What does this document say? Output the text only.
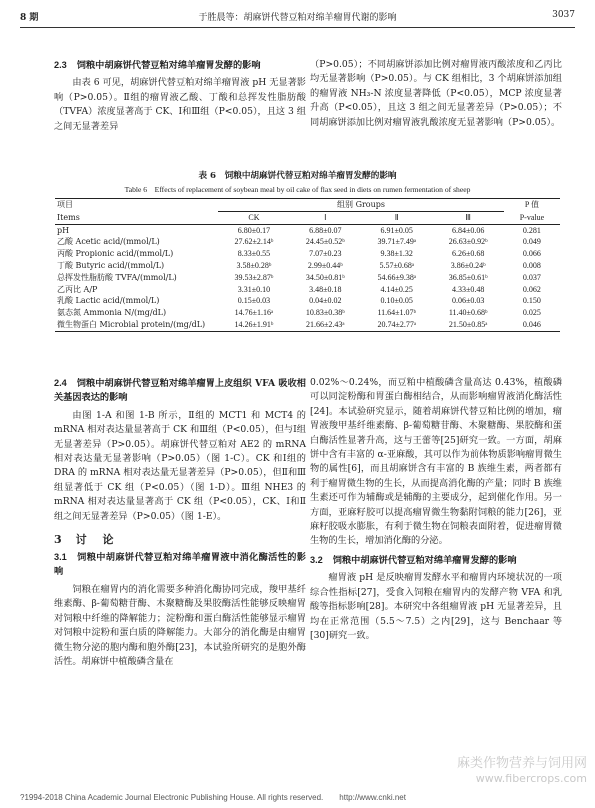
8 期	于胜晨等：胡麻饼代替豆粕对绵羊瘤胃代谢的影响	3037
2.3 饲粮中胡麻饼代替豆粕对绵羊瘤胃发酵的影响

由表 6 可见，胡麻饼代替豆粕对绵羊瘤胃液 pH 无显著影响（P>0.05）。Ⅱ组的瘤胃液乙酸、丁酸和总挥发性脂肪酸（TVFA）浓度显著高于 CK、Ⅰ和Ⅲ组（P<0.05），且这 3 组之间无显著差异

（P>0.05）；不同胡麻饼添加比例对瘤胃液丙酸浓度和乙丙比均无显著影响（P>0.05）。与 CK 组相比，3 个胡麻饼添加组的瘤胃液 NH₃-N 浓度显著降低（P<0.05），MCP 浓度显著升高（P<0.05），且这 3 组之间无显著差异（P>0.05）；不同胡麻饼添加比例对瘤胃液乳酸浓度无显著影响（P>0.05）。

表 6　饲粮中胡麻饼代替豆粕对绵羊瘤胃发酵的影响
Table 6　Effects of replacement of soybean meal by oil cake of flax seed in diets on rumen fermentation of sheep
项目	组别 Groups				P 值
Items	CK	Ⅰ	Ⅱ	Ⅲ	P-value
pH	6.80±0.17	6.88±0.07	6.91±0.05	6.84±0.06	0.281
乙酸 Acetic acid/(mmol/L)	27.62±2.14ᵇ	24.45±0.52ᵇ	39.71±7.49ᵃ	26.63±0.92ᵇ	0.049
丙酸 Propionic acid/(mmol/L)	8.33±0.55	7.07±0.23	9.38±1.32	6.26±0.68	0.066
丁酸 Butyric acid/(mmol/L)	3.58±0.28ᵇ	2.99±0.44ᵇ	5.57±0.68ᵃ	3.86±0.24ᵇ	0.008
总挥发性脂肪酸 TVFA/(mmol/L)	39.53±2.87ᵇ	34.50±0.81ᵇ	54.66±9.38ᵃ	36.85±0.61ᵇ	0.037
乙丙比 A/P	3.31±0.10	3.48±0.18	4.14±0.25	4.33±0.48	0.062
乳酸 Lactic acid/(mmol/L)	0.15±0.03	0.04±0.02	0.10±0.05	0.06±0.03	0.150
氨态氮 Ammonia N/(mg/dL)	14.76±1.16ᵃ	10.83±0.38ᵇ	11.64±1.07ᵇ	11.40±0.68ᵇ	0.025
微生物蛋白 Microbial protein/(mg/dL)	14.26±1.91ᵇ	21.66±2.43ᵃ	20.74±2.77ᵃ	21.50±0.85ᵃ	0.046
2.4 饲粮中胡麻饼代替豆粕对绵羊瘤胃上皮组织 VFA 吸收相关基因表达的影响

由图 1-A 和图 1-B 所示，Ⅱ组的 MCT1 和 MCT4 的 mRNA 相对表达量显著高于 CK 和Ⅲ组（P<0.05），但与Ⅰ组无显著差异（P>0.05）。胡麻饼代替豆粕对 AE2 的 mRNA 相对表达量无显著影响（P>0.05）（图 1-C）。CK 和Ⅰ组的 DRA 的 mRNA 相对表达量无显著差异（P>0.05），但Ⅱ和Ⅲ组显著低于 CK 组（P<0.05）（图 1-D）。Ⅲ组 NHE3 的 mRNA 相对表达量显著高于 CK 组（P<0.05），CK、Ⅰ和Ⅱ组之间无显著差异（P>0.05）（图 1-E）。

3 讨 论
3.1 饲粮中胡麻饼代替豆粕对绵羊瘤胃液中消化酶活性的影响

饲粮在瘤胃内的消化需要多种消化酶协同完成，羧甲基纤维素酶、β-葡萄糖苷酶、木聚糖酶及果胶酶活性能够反映瘤胃对饲粮中纤维的降解能力；淀粉酶和蛋白酶活性能够显示瘤胃对饲粮中淀粉和蛋白质的降解能力。大部分的消化酶是由瘤胃微生物分泌的胞内酶和胞外酶[23]，本试验所研究的是胞外酶活性。胡麻饼中植酸磷含量在

0.02%～0.24%，而豆粕中植酸磷含量高达 0.43%，植酸磷可以同淀粉酶和胃蛋白酶相结合，从而影响瘤胃液消化酶活性[24]。本试验研究显示，随着胡麻饼代替豆粕比例的增加，瘤胃液羧甲基纤维素酶、β-葡萄糖苷酶、木聚糖酶、果胶酶和蛋白酶活性显著升高，这与王蕾等[25]研究一致。一方面，胡麻饼中含有丰富的 α-亚麻酸，其可以作为前体物质影响瘤胃微生物的属性[6]，而且胡麻饼含有丰富的 B 族维生素，两者都有利于瘤胃微生物的生长，从而提高消化酶的产量；同时 B 族维生素还可作为辅酶或是辅酶的主要成分，起到催化作用。另一方面，亚麻籽胶可以提高瘤胃微生物黏附饲粮的能力[26]，亚麻籽胶吸水膨胀，有利于微生物在饲粮表面附着，促进瘤胃微生物的生长，增加消化酶的分泌。

3.2 饲粮中胡麻饼代替豆粕对绵羊瘤胃发酵的影响

瘤胃液 pH 是反映瘤胃发酵水平和瘤胃内环境状况的一项综合性指标[27]，受食入饲粮在瘤胃内的发酵产物 VFA 和乳酸等指标影响[28]。本研究中各组瘤胃液 pH 无显著差异，且均在正常范围（5.5～7.5）之内[29]，这与 Benchaar 等[30]研究一致。

麻类作物营养与饲用网
www.fibercrops.com
?1994-2018 China Academic Journal Electronic Publishing House. All rights reserved.　　http://www.cnki.net
